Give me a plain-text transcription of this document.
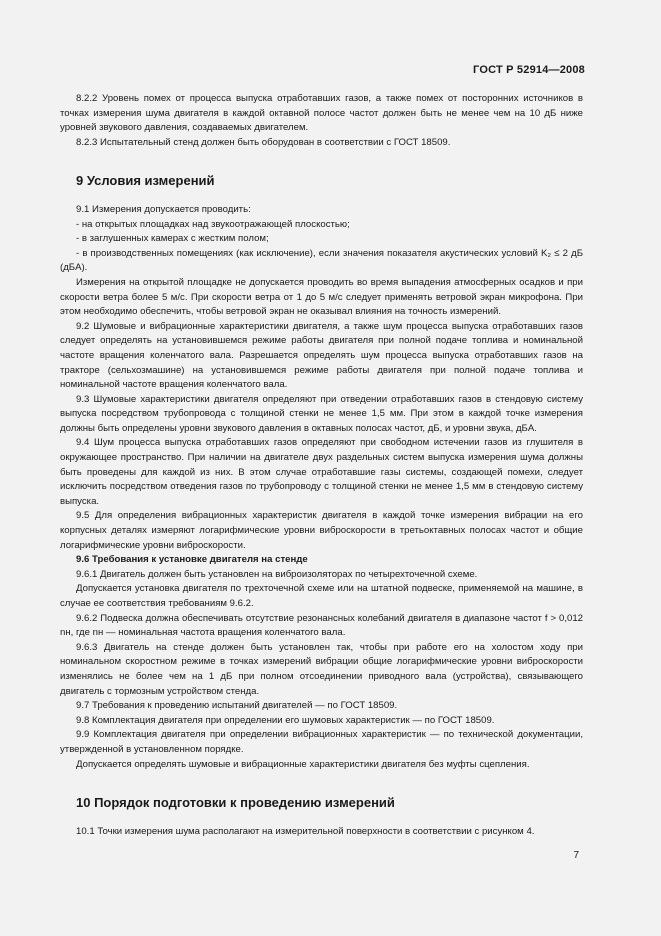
ГОСТ Р 52914—2008

8.2.2 Уровень помех от процесса выпуска отработавших газов, а также помех от посторонних источников в точках измерения шума двигателя в каждой октавной полосе частот должен быть не менее чем на 10 дБ ниже уровней звукового давления, создаваемых двигателем.

8.2.3 Испытательный стенд должен быть оборудован в соответствии с ГОСТ 18509.

9 Условия измерений

9.1 Измерения допускается проводить:

- на открытых площадках над звукоотражающей плоскостью;

- в заглушенных камерах с жестким полом;

- в производственных помещениях (как исключение), если значения показателя акустических условий K₂ ≤ 2 дБ (дБA).

Измерения на открытой площадке не допускается проводить во время выпадения атмосферных осадков и при скорости ветра более 5 м/с. При скорости ветра от 1 до 5 м/с следует применять ветровой экран микрофона. При этом необходимо обеспечить, чтобы ветровой экран не оказывал влияния на точность измерений.

9.2 Шумовые и вибрационные характеристики двигателя, а также шум процесса выпуска отработавших газов следует определять на установившемся режиме работы двигателя при полной подаче топлива и номинальной частоте вращения коленчатого вала. Разрешается определять шум процесса выпуска отработавших газов на тракторе (сельхозмашине) на установившемся режиме работы двигателя при полной подаче топлива и номинальной частоте вращения коленчатого вала.

9.3 Шумовые характеристики двигателя определяют при отведении отработавших газов в стендовую систему выпуска посредством трубопровода с толщиной стенки не менее 1,5 мм. При этом в каждой точке измерения должны быть определены уровни звукового давления в октавных полосах частот, дБ, и уровни звука, дБA.

9.4 Шум процесса выпуска отработавших газов определяют при свободном истечении газов из глушителя в окружающее пространство. При наличии на двигателе двух раздельных систем выпуска измерения шума должны быть проведены для каждой из них. В этом случае отработавшие газы системы, создающей помехи, следует исключить посредством отведения газов по трубопроводу с толщиной стенки не менее 1,5 мм в стендовую систему выпуска.

9.5 Для определения вибрационных характеристик двигателя в каждой точке измерения вибрации на его корпусных деталях измеряют логарифмические уровни виброскорости в третьоктавных полосах частот и общие логарифмические уровни виброскорости.

9.6 Требования к установке двигателя на стенде

9.6.1 Двигатель должен быть установлен на виброизоляторах по четырехточечной схеме.

Допускается установка двигателя по трехточечной схеме или на штатной подвеске, применяемой на машине, в случае ее соответствия требованиям 9.6.2.

9.6.2 Подвеска должна обеспечивать отсутствие резонансных колебаний двигателя в диапазоне частот f > 0,012 nн, где nн — номинальная частота вращения коленчатого вала.

9.6.3 Двигатель на стенде должен быть установлен так, чтобы при работе его на холостом ходу при номинальном скоростном режиме в точках измерений вибрации общие логарифмические уровни виброскорости изменялись не более чем на 1 дБ при полном отсоединении приводного вала (устройства), связывающего двигатель с тормозным устройством стенда.

9.7 Требования к проведению испытаний двигателей — по ГОСТ 18509.

9.8 Комплектация двигателя при определении его шумовых характеристик — по ГОСТ 18509.

9.9 Комплектация двигателя при определении вибрационных характеристик — по технической документации, утвержденной в установленном порядке.

Допускается определять шумовые и вибрационные характеристики двигателя без муфты сцепления.

10 Порядок подготовки к проведению измерений

10.1 Точки измерения шума располагают на измерительной поверхности в соответствии с рисунком 4.

7
